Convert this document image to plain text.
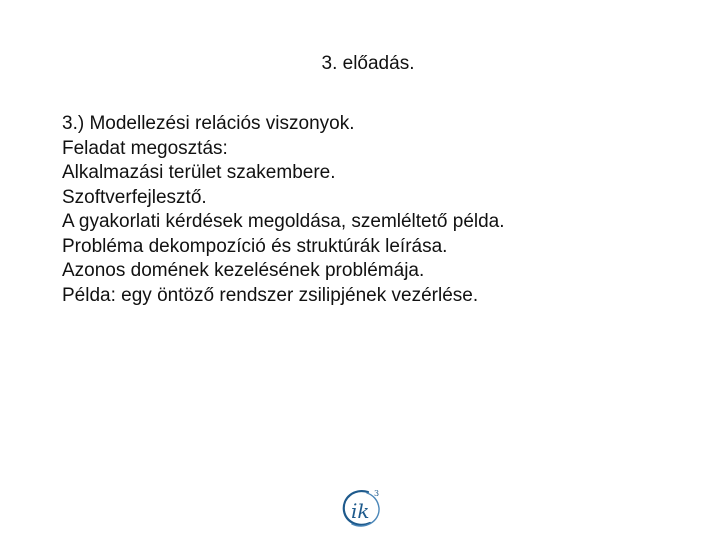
3. előadás.
3.) Modellezési relációs viszonyok.
Feladat megosztás:
Alkalmazási terület szakembere.
Szoftverfejlesztő.
A gyakorlati kérdések megoldása, szemléltető példa.
Probléma dekompozíció és struktúrák leírása.
Azonos domének kezelésének problémája.
Példa: egy öntöző rendszer zsilipjének vezérlése.
ik
3
